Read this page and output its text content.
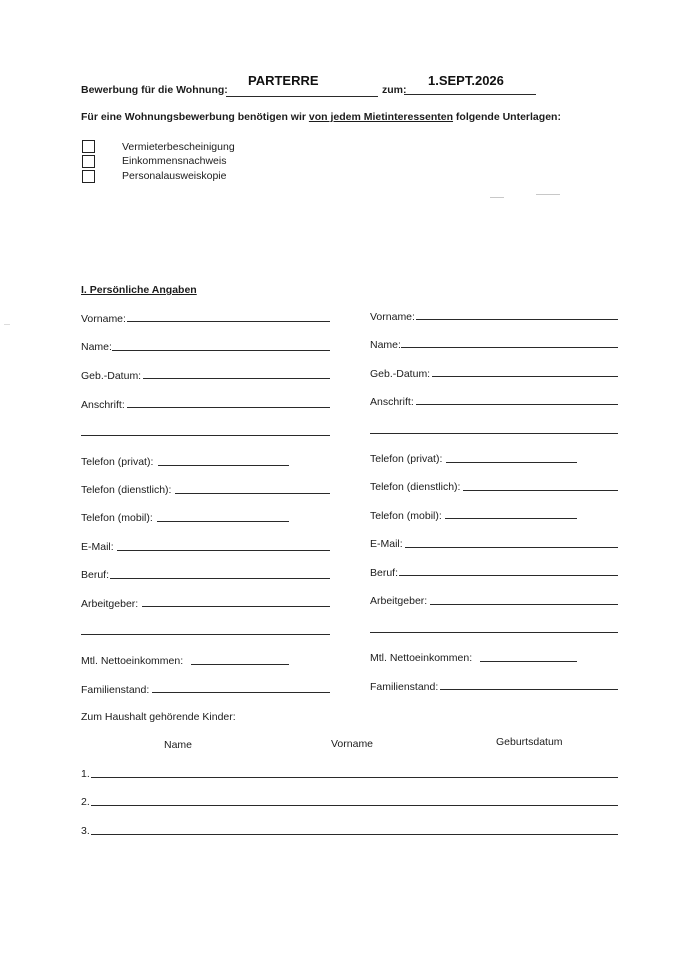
Bewerbung für die Wohnung:
PARTERRE
zum:
1.SEPT.2026
Für eine Wohnungsbewerbung benötigen wir von jedem Mietinteressenten folgende Unterlagen:
Vermieterbescheinigung
Einkommensnachweis
Personalausweiskopie
I. Persönliche Angaben
Vorname:
Name:
Geb.-Datum:
Anschrift:
Telefon (privat):
Telefon (dienstlich):
Telefon (mobil):
E-Mail:
Beruf:
Arbeitgeber:
Mtl. Nettoeinkommen:
Familienstand:
Vorname:
Name:
Geb.-Datum:
Anschrift:
Telefon (privat):
Telefon (dienstlich):
Telefon (mobil):
E-Mail:
Beruf:
Arbeitgeber:
Mtl. Nettoeinkommen:
Familienstand:
Zum Haushalt gehörende Kinder:
Name	Vorname	Geburtsdatum
1.
2.
3.
